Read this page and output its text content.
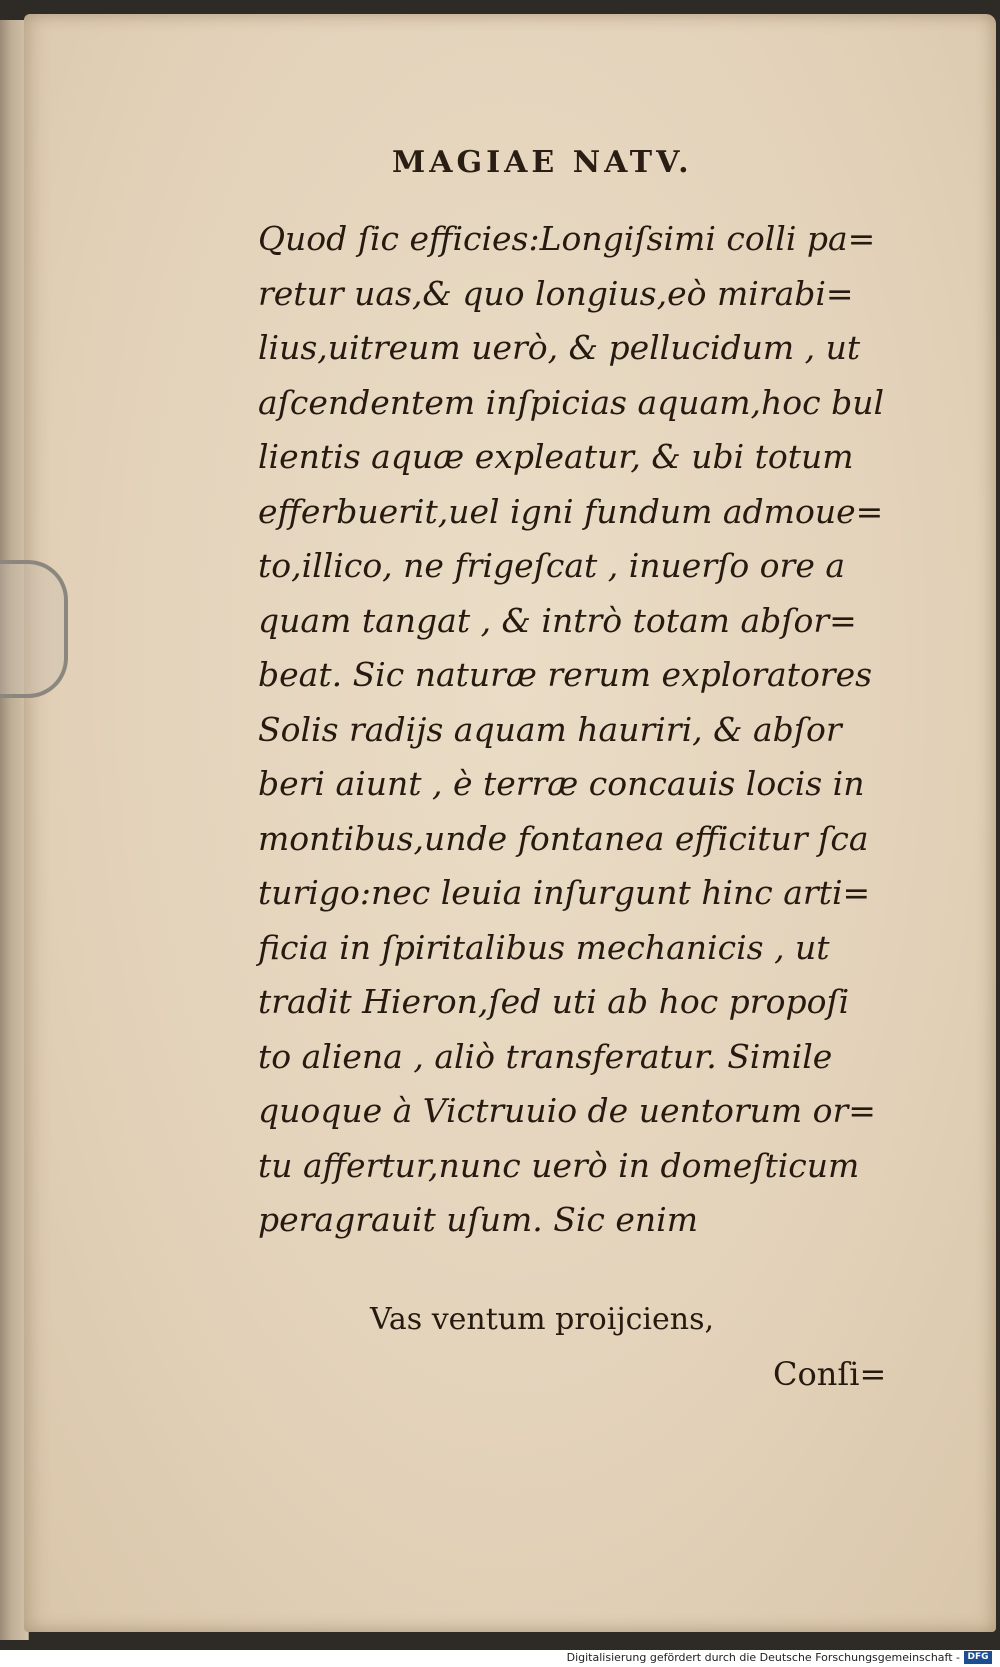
MAGIAE NATV.
Quod ſic efficies:Longiſsimi colli pa=
retur uas,& quo longius,eò mirabi=
lius,uitreum uerò, & pellucidum , ut
aſcendentem inſpicias aquam,hoc bul
lientis aquæ expleatur, & ubi totum
efferbuerit,uel igni fundum admoue=
to,illico, ne frigeſcat , inuerſo ore a
quam tangat , & intrò totam abſor=
beat. Sic naturæ rerum exploratores
Solis radijs aquam hauriri, & abſor
beri aiunt , è terræ concauis locis in
montibus,unde fontanea efficitur ſca
turigo:nec leuia inſurgunt hinc arti=
ficia in ſpiritalibus mechanicis , ut
tradit Hieron,ſed uti ab hoc propoſi
to aliena , aliò transferatur. Simile
quoque à Victruuio de uentorum or=
tu affertur,nunc uerò in domeſticum
peragrauit uſum. Sic enim
Vas ventum proijciens,
Conſi=
Digitalisierung gefördert durch die Deutsche Forschungsgemeinschaft - DFG
